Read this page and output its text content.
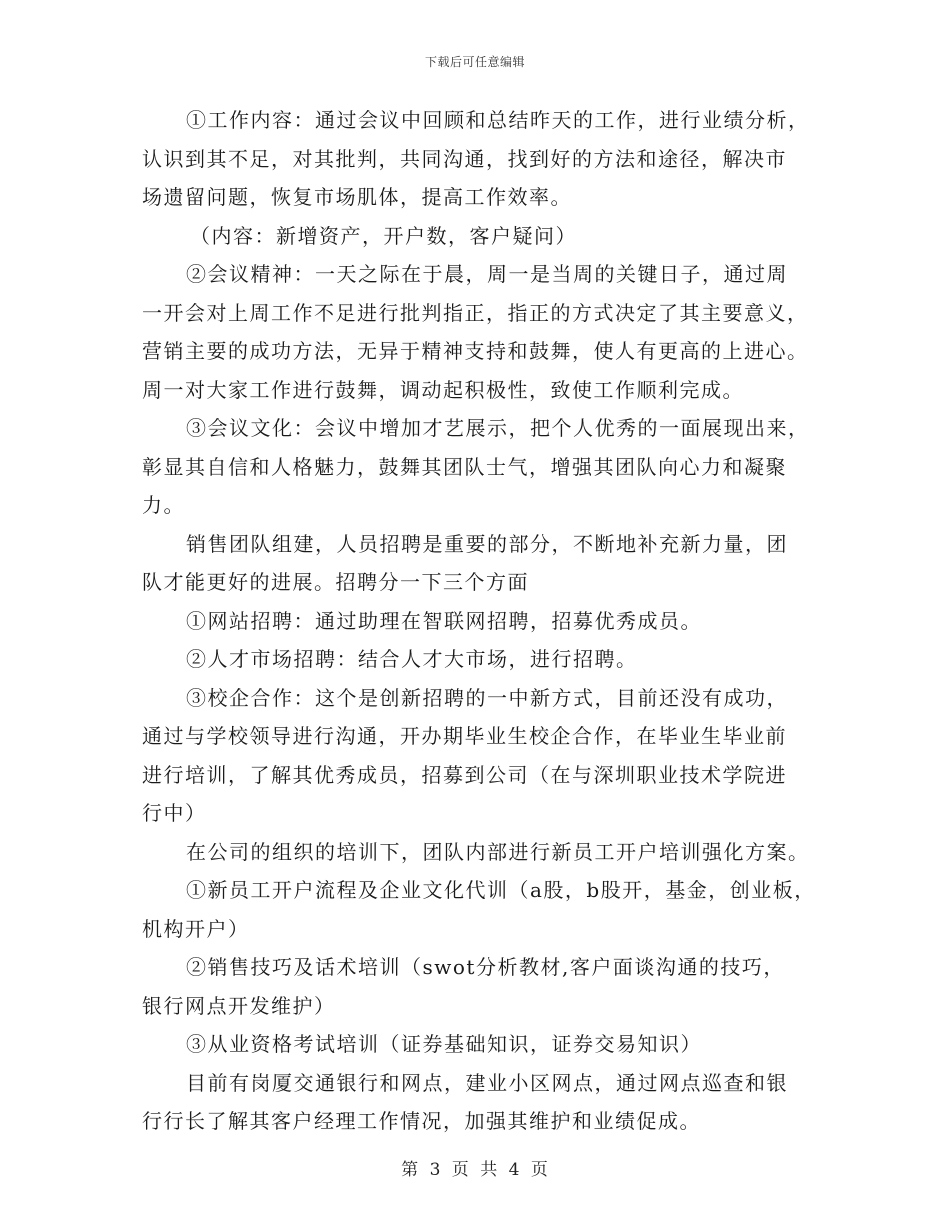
下载后可任意编辑
①工作内容：通过会议中回顾和总结昨天的工作，进行业绩分析，
认识到其不足，对其批判，共同沟通，找到好的方法和途径，解决市
场遗留问题，恢复市场肌体，提高工作效率。
（内容：新增资产，开户数，客户疑问）
②会议精神：一天之际在于晨，周一是当周的关键日子，通过周
一开会对上周工作不足进行批判指正，指正的方式决定了其主要意义，
营销主要的成功方法，无异于精神支持和鼓舞，使人有更高的上进心。
周一对大家工作进行鼓舞，调动起积极性，致使工作顺利完成。
③会议文化：会议中增加才艺展示，把个人优秀的一面展现出来，
彰显其自信和人格魅力，鼓舞其团队士气，增强其团队向心力和凝聚
力。
销售团队组建，人员招聘是重要的部分，不断地补充新力量，团
队才能更好的进展。招聘分一下三个方面
①网站招聘：通过助理在智联网招聘，招募优秀成员。
②人才市场招聘：结合人才大市场，进行招聘。
③校企合作：这个是创新招聘的一中新方式，目前还没有成功，
通过与学校领导进行沟通，开办期毕业生校企合作，在毕业生毕业前
进行培训，了解其优秀成员，招募到公司（在与深圳职业技术学院进
行中）
在公司的组织的培训下，团队内部进行新员工开户培训强化方案。
①新员工开户流程及企业文化代训（a股，b股开，基金，创业板，
机构开户）
②销售技巧及话术培训（swot分析教材,客户面谈沟通的技巧，
银行网点开发维护）
③从业资格考试培训（证券基础知识，证券交易知识）
目前有岗厦交通银行和网点，建业小区网点，通过网点巡查和银
行行长了解其客户经理工作情况，加强其维护和业绩促成。
第 3 页 共 4 页
